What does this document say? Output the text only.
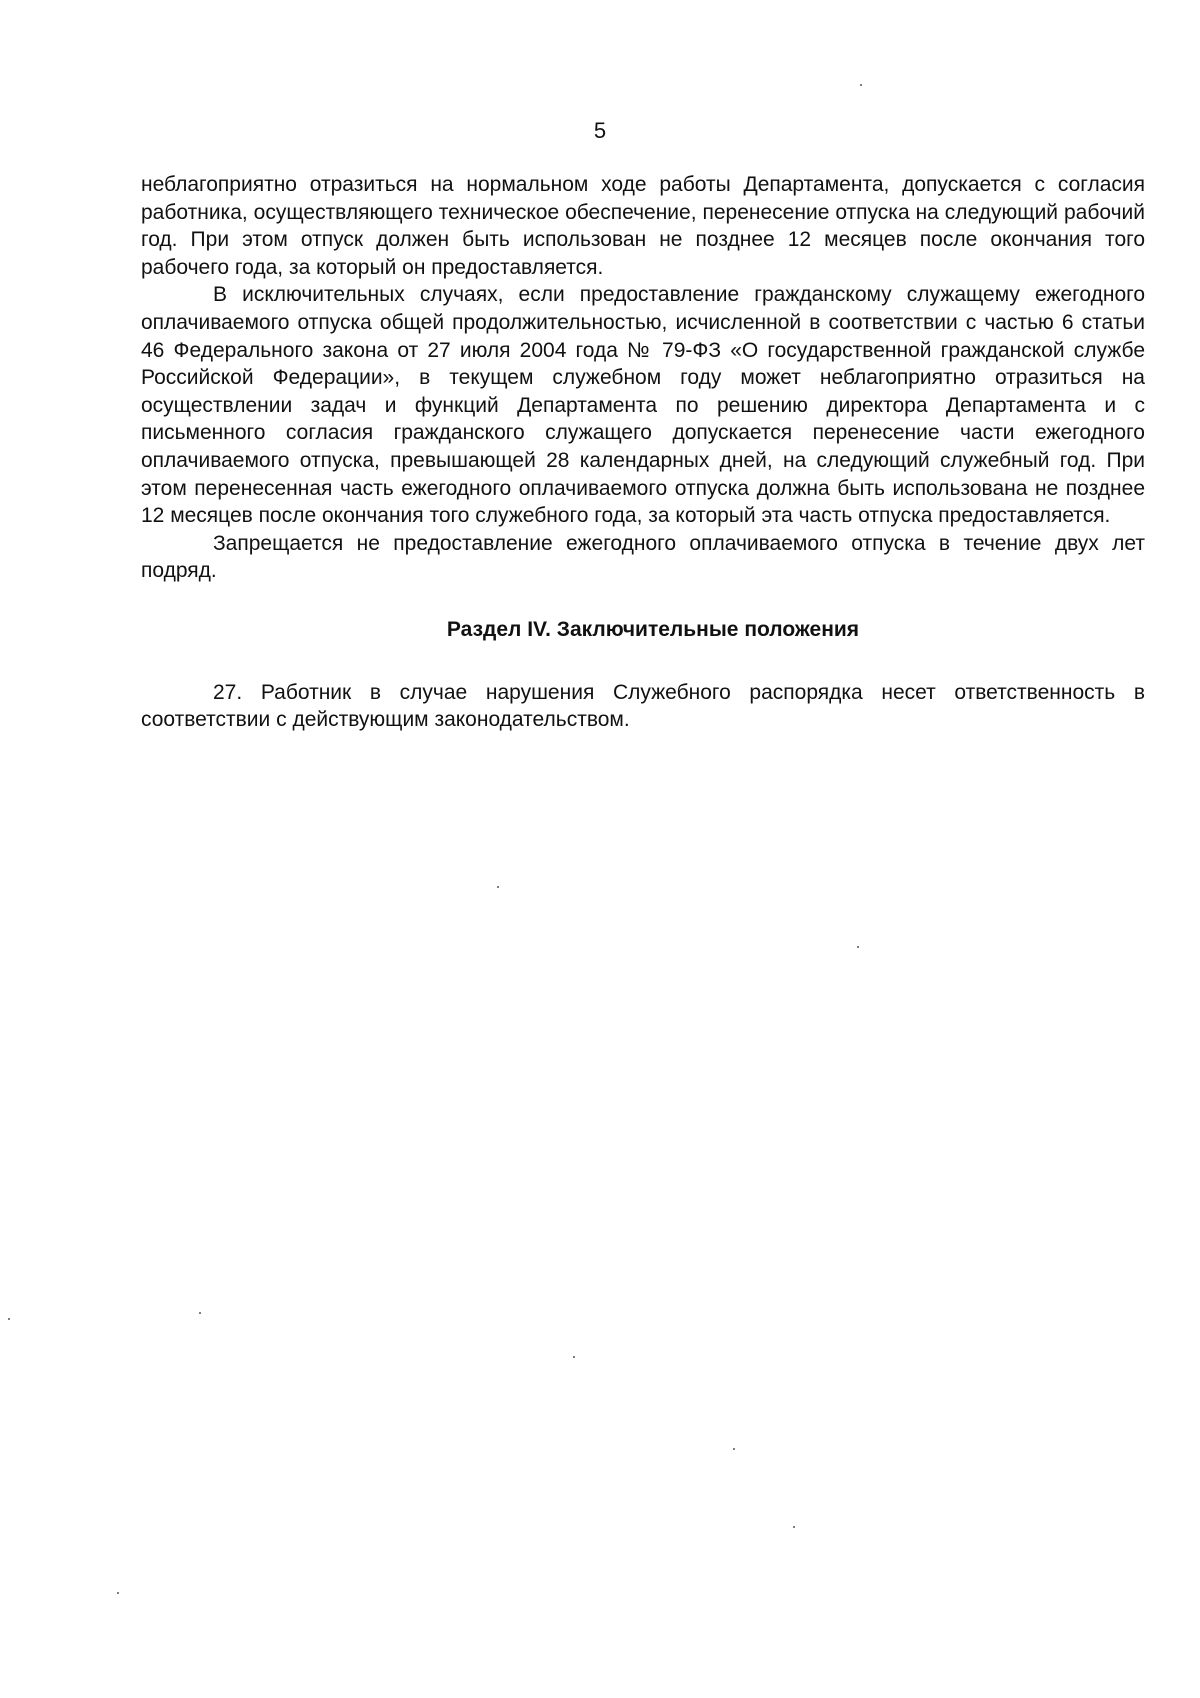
5

неблагоприятно отразиться на нормальном ходе работы Департамента, допускается с согласия работника, осуществляющего техническое обеспечение, перенесение отпуска на следующий рабочий год. При этом отпуск должен быть использован не позднее 12 месяцев после окончания того рабочего года, за который он предоставляется.

В исключительных случаях, если предоставление гражданскому служащему ежегодного оплачиваемого отпуска общей продолжительностью, исчисленной в соответствии с частью 6 статьи 46 Федерального закона от 27 июля 2004 года № 79-ФЗ «О государственной гражданской службе Российской Федерации», в текущем служебном году может неблагоприятно отразиться на осуществлении задач и функций Департамента по решению директора Департамента и с письменного согласия гражданского служащего допускается перенесение части ежегодного оплачиваемого отпуска, превышающей 28 календарных дней, на следующий служебный год. При этом перенесенная часть ежегодного оплачиваемого отпуска должна быть использована не позднее 12 месяцев после окончания того служебного года, за который эта часть отпуска предоставляется.

Запрещается не предоставление ежегодного оплачиваемого отпуска в течение двух лет подряд.

Раздел IV. Заключительные положения

27. Работник в случае нарушения Служебного распорядка несет ответственность в соответствии с действующим законодательством.
